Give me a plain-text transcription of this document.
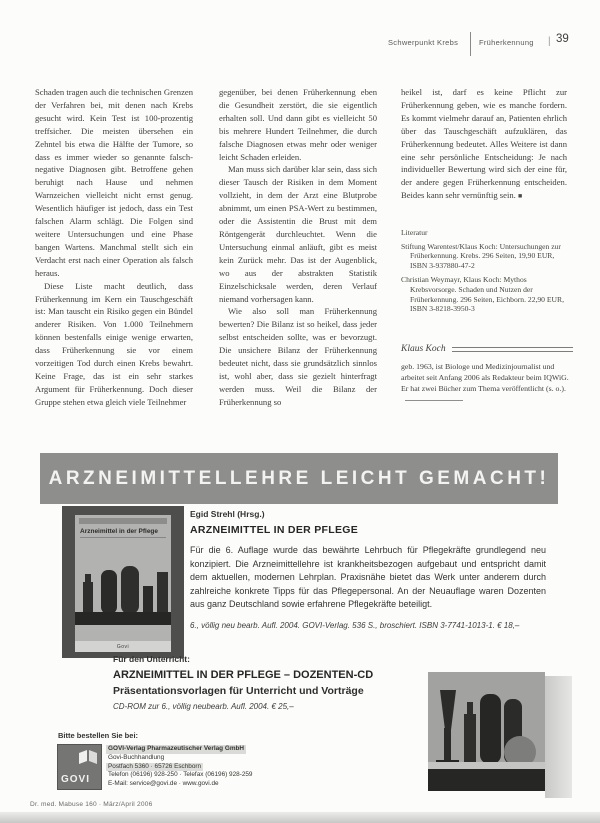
Schwerpunkt Krebs	Früherkennung | 39

Schaden tragen auch die technischen Grenzen der Verfahren bei, mit denen nach Krebs gesucht wird. Kein Test ist 100-prozentig treffsicher. Die meisten übersehen ein Zehntel bis etwa die Hälfte der Tumore, so dass es immer wieder so genannte falsch-negative Diagnosen gibt. Betroffene gehen beruhigt nach Hause und nehmen Warnzeichen vielleicht nicht ernst genug. Wesentlich häufiger ist jedoch, dass ein Test falschen Alarm schlägt. Die Folgen sind weitere Untersuchungen und eine Phase bangen Wartens. Manchmal stellt sich ein Verdacht erst nach einer Operation als falsch heraus.

Diese Liste macht deutlich, dass Früherkennung im Kern ein Tauschgeschäft ist: Man tauscht ein Risiko gegen ein Bündel anderer Risiken. Von 1.000 Teilnehmern können bestenfalls einige wenige erwarten, dass Früherkennung sie vor einem vorzeitigen Tod durch einen Krebs bewahrt. Keine Frage, das ist ein sehr starkes Argument für Früherkennung. Doch dieser Gruppe stehen etwa gleich viele Teilnehmer

gegenüber, bei denen Früherkennung eben die Gesundheit zerstört, die sie eigentlich erhalten soll. Und dann gibt es vielleicht 50 bis mehrere Hundert Teilnehmer, die durch falsche Diagnosen etwas mehr oder weniger leicht Schaden erleiden.

Man muss sich darüber klar sein, dass sich dieser Tausch der Risiken in dem Moment vollzieht, in dem der Arzt eine Blutprobe abnimmt, um einen PSA-Wert zu bestimmen, oder die Assistentin die Brust mit dem Röntgengerät durchleuchtet. Wenn die Untersuchung einmal anläuft, gibt es meist kein Zurück mehr. Das ist der Augenblick, wo aus der abstrakten Statistik Einzelschicksale werden, deren Verlauf niemand vorhersagen kann.

Wie also soll man Früherkennung bewerten? Die Bilanz ist so heikel, dass jeder selbst entscheiden sollte, was er bevorzugt. Die unsichere Bilanz der Früherkennung bedeutet nicht, dass sie grundsätzlich sinnlos ist, wohl aber, dass sie gezielt hinterfragt werden muss. Weil die Bilanz der Früherkennung so

heikel ist, darf es keine Pflicht zur Früherkennung geben, wie es manche fordern. Es kommt vielmehr darauf an, Patienten ehrlich über das Tauschgeschäft aufzuklären, das Früherkennung bedeutet. Alles Weitere ist dann eine sehr persönliche Entscheidung: Je nach individueller Bewertung wird sich der eine für, der andere gegen Früherkennung entscheiden. Beides kann sehr vernünftig sein. ■

Literatur

Stiftung Warentest/Klaus Koch: Untersuchungen zur Früherkennung. Krebs. 296 Seiten, 19,90 EUR, ISBN 3-937880-47-2

Christian Weymayr, Klaus Koch: Mythos Krebsvorsorge. Schaden und Nutzen der Früherkennung. 296 Seiten, Eichborn. 22,90 EUR, ISBN 3-8218-3950-3

Klaus Koch
geb. 1963, ist Biologe und Medizinjournalist und arbeitet seit Anfang 2006 als Redakteur beim IQWiG. Er hat zwei Bücher zum Thema veröffentlicht (s. o.).
ARZNEIMITTELLEHRE LEICHT GEMACHT!
Arzneimittel in der Pflege
Govi

Egid Strehl (Hrsg.)

ARZNEIMITTEL IN DER PFLEGE

Für die 6. Auflage wurde das bewährte Lehrbuch für Pflegekräfte grundlegend neu konzipiert. Die Arzneimittellehre ist krankheitsbezogen aufgebaut und entspricht damit dem aktuellen, modernen Lehrplan. Praxisnähe bietet das Werk unter anderem durch zahlreiche konkrete Tipps für das Pflegepersonal. An der Neuauflage waren Dozenten aus ganz Deutschland sowie erfahrene Pflegekräfte beteiligt.

6., völlig neu bearb. Aufl. 2004. GOVI-Verlag. 536 S., broschiert. ISBN 3-7741-1013-1. € 18,–

Für den Unterricht:

ARZNEIMITTEL IN DER PFLEGE – DOZENTEN-CD

Präsentationsvorlagen für Unterricht und Vorträge

CD-ROM zur 6., völlig neubearb. Aufl. 2004. € 25,–

Bitte bestellen Sie bei:

GOVI
GOVI-Verlag Pharmazeutischer Verlag GmbH
Govi-Buchhandlung
Postfach 5360 · 65726 Eschborn
Telefon (06196) 928-250 · Telefax (06196) 928-259
E-Mail: service@govi.de · www.govi.de
Dr. med. Mabuse 160 · März/April 2006
